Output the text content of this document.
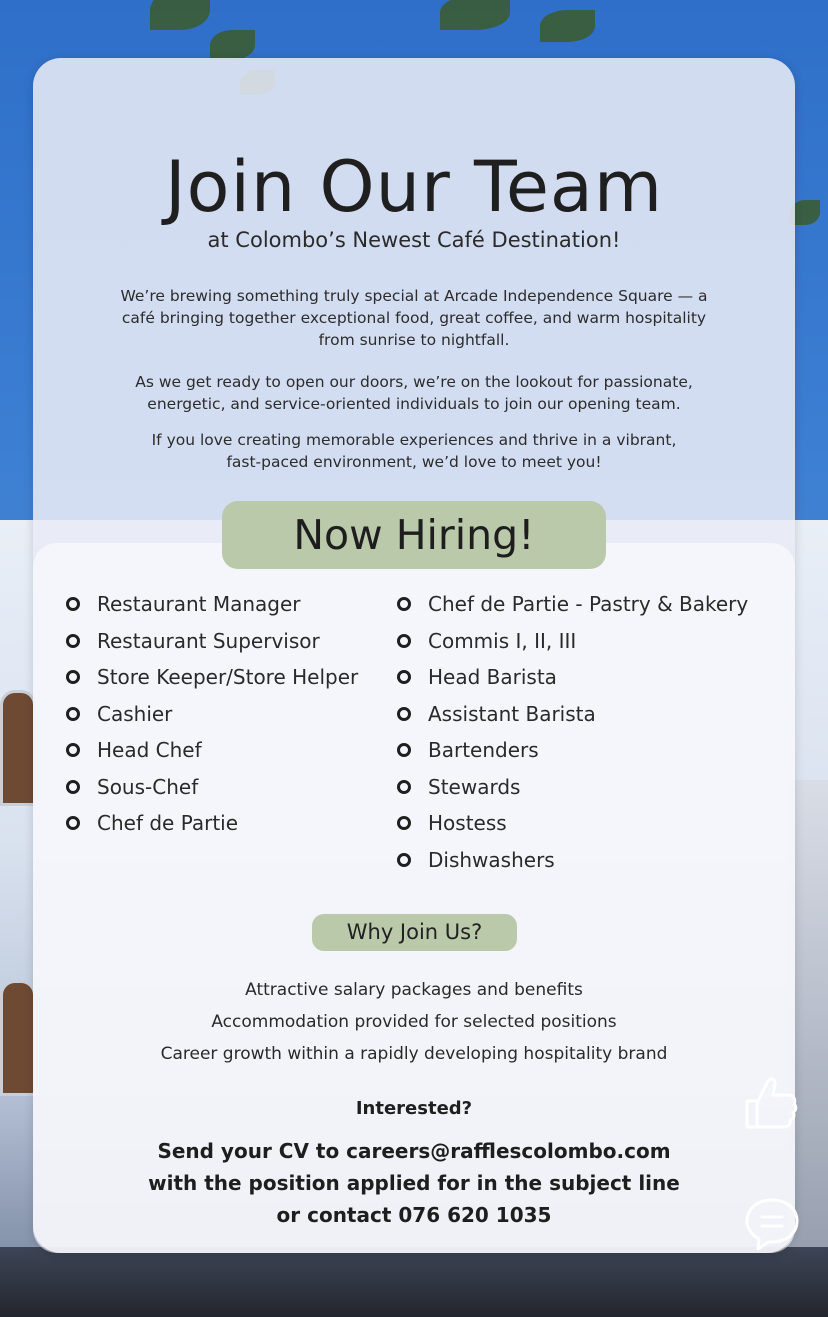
Join Our Team
at Colombo’s Newest Café Destination!
We’re brewing something truly special at Arcade Independence Square — a
café bringing together exceptional food, great coffee, and warm hospitality
from sunrise to nightfall.
As we get ready to open our doors, we’re on the lookout for passionate,
energetic, and service-oriented individuals to join our opening team.
If you love creating memorable experiences and thrive in a vibrant,
fast-paced environment, we’d love to meet you!
Now Hiring!
Restaurant Manager
Restaurant Supervisor
Store Keeper/Store Helper
Cashier
Head Chef
Sous-Chef
Chef de Partie
Chef de Partie - Pastry & Bakery
Commis I, II, III
Head Barista
Assistant Barista
Bartenders
Stewards
Hostess
Dishwashers
Why Join Us?
Attractive salary packages and benefits
Accommodation provided for selected positions
Career growth within a rapidly developing hospitality brand
Interested?
Send your CV to careers@rafflescolombo.com
with the position applied for in the subject line
or contact 076 620 1035
